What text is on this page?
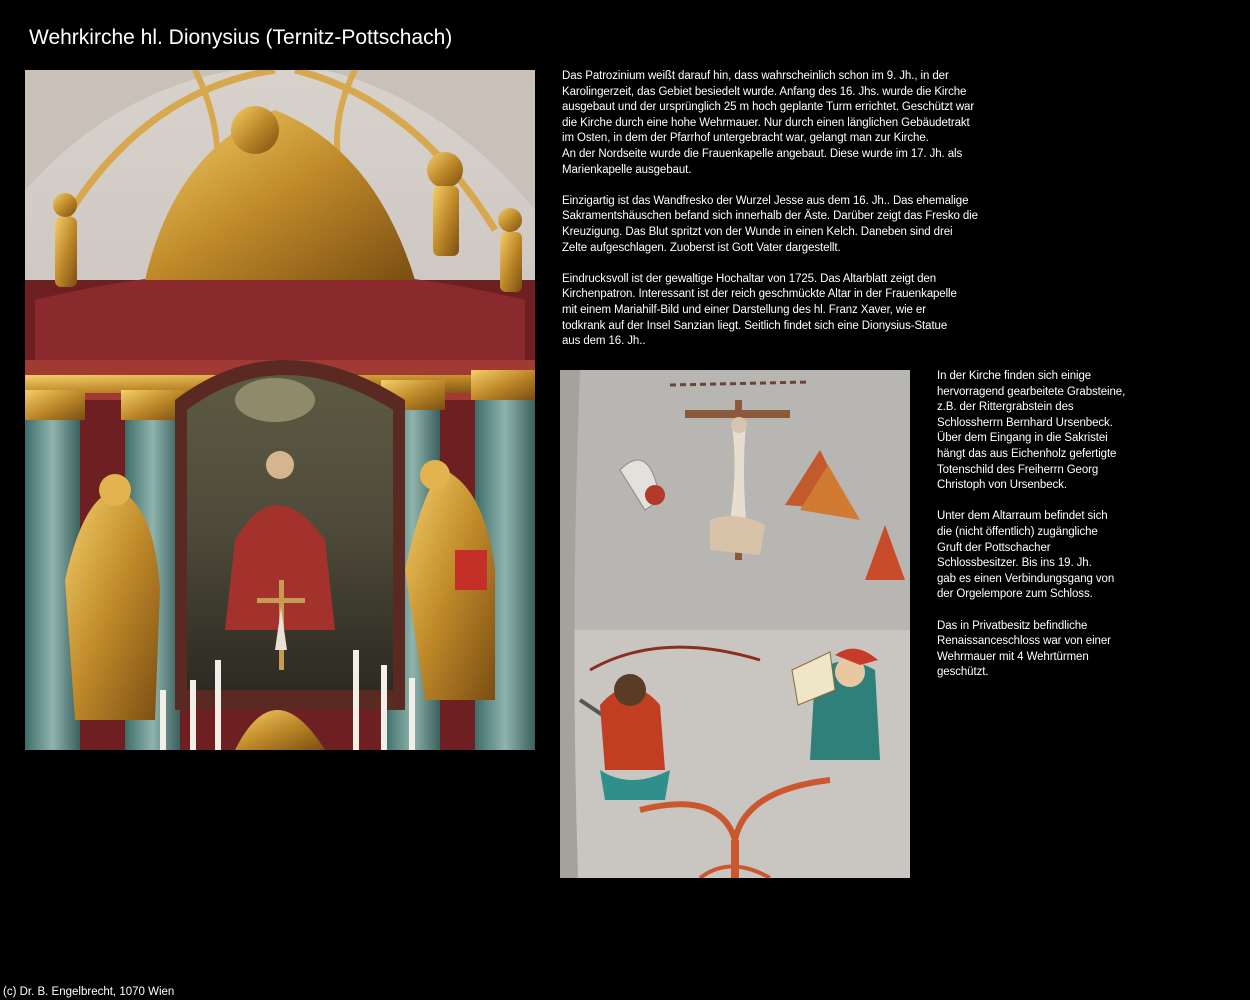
Wehrkirche hl. Dionysius (Ternitz-Pottschach)

Das Patrozinium weißt darauf hin, dass wahrscheinlich schon im 9. Jh., in der
Karolingerzeit, das Gebiet besiedelt wurde. Anfang des 16. Jhs. wurde die Kirche
ausgebaut und der ursprünglich 25 m hoch geplante Turm errichtet. Geschützt war
die Kirche durch eine hohe Wehrmauer. Nur durch einen länglichen Gebäudetrakt
im Osten, in dem der Pfarrhof untergebracht war, gelangt man zur Kirche.
An der Nordseite wurde die Frauenkapelle angebaut. Diese wurde im 17. Jh. als
Marienkapelle ausgebaut.

Einzigartig ist das Wandfresko der Wurzel Jesse aus dem 16. Jh.. Das ehemalige
Sakramentshäuschen befand sich innerhalb der Äste. Darüber zeigt das Fresko die
Kreuzigung. Das Blut spritzt von der Wunde in einen Kelch. Daneben sind drei
Zelte aufgeschlagen. Zuoberst ist Gott Vater dargestellt.

Eindrucksvoll ist der gewaltige Hochaltar von 1725. Das Altarblatt zeigt den
Kirchenpatron. Interessant ist der reich geschmückte Altar in der Frauenkapelle
mit einem Mariahilf-Bild und einer Darstellung des hl. Franz Xaver, wie er
todkrank auf der Insel Sanzian liegt. Seitlich findet sich eine Dionysius-Statue
aus dem 16. Jh..

In der Kirche finden sich einige
hervorragend gearbeitete Grabsteine,
z.B. der Rittergrabstein des
Schlossherrn Bernhard Ursenbeck.
Über dem Eingang in die Sakristei
hängt das aus Eichenholz gefertigte
Totenschild des Freiherrn Georg
Christoph von Ursenbeck.

Unter dem Altarraum befindet sich
die (nicht öffentlich) zugängliche
Gruft der Pottschacher
Schlossbesitzer. Bis ins 19. Jh.
gab es einen Verbindungsgang von
der Orgelempore zum Schloss.

Das in Privatbesitz befindliche
Renaissanceschloss war von einer
Wehrmauer mit 4 Wehrtürmen
geschützt.

(c) Dr. B. Engelbrecht, 1070 Wien
